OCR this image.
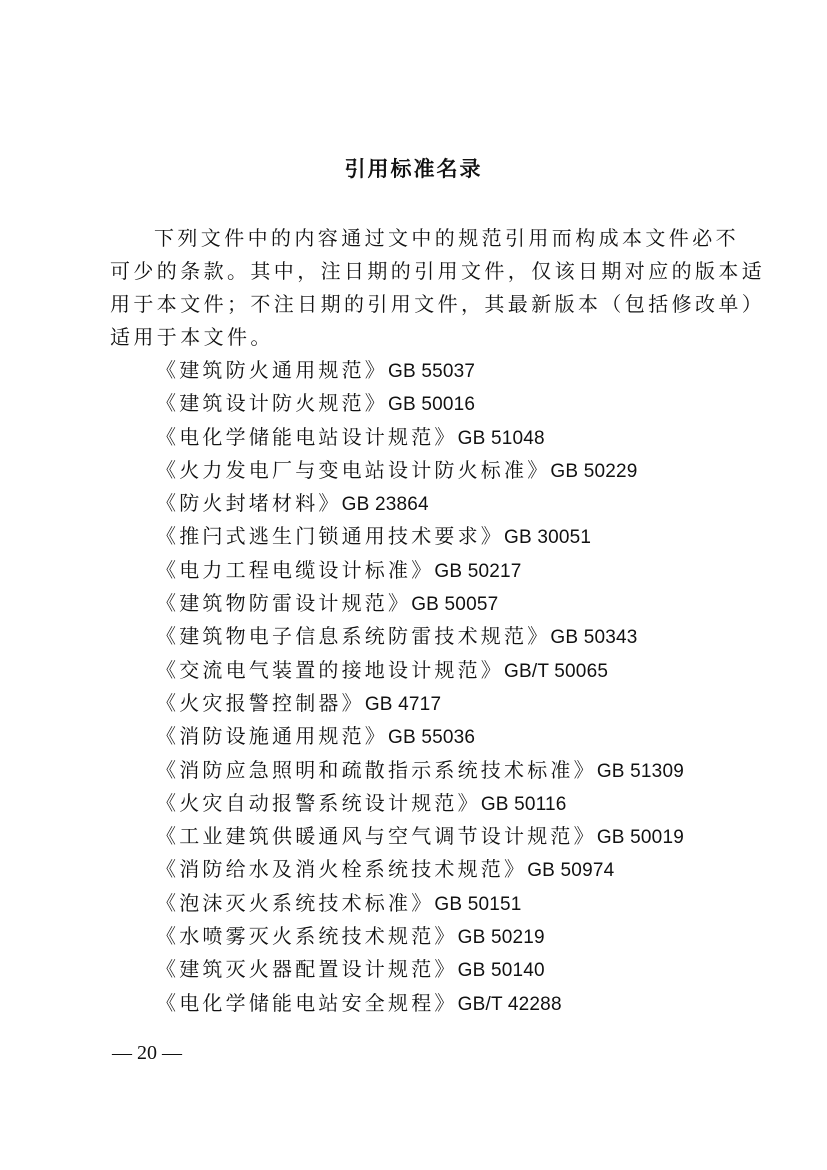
引用标准名录
下列文件中的内容通过文中的规范引用而构成本文件必不
可少的条款。其中，注日期的引用文件，仅该日期对应的版本适
用于本文件；不注日期的引用文件，其最新版本（包括修改单）
适用于本文件。
《建筑防火通用规范》GB 55037
《建筑设计防火规范》GB 50016
《电化学储能电站设计规范》GB 51048
《火力发电厂与变电站设计防火标准》GB 50229
《防火封堵材料》GB 23864
《推闩式逃生门锁通用技术要求》GB 30051
《电力工程电缆设计标准》GB 50217
《建筑物防雷设计规范》GB 50057
《建筑物电子信息系统防雷技术规范》GB 50343
《交流电气装置的接地设计规范》GB/T 50065
《火灾报警控制器》GB 4717
《消防设施通用规范》GB 55036
《消防应急照明和疏散指示系统技术标准》GB 51309
《火灾自动报警系统设计规范》GB 50116
《工业建筑供暖通风与空气调节设计规范》GB 50019
《消防给水及消火栓系统技术规范》GB 50974
《泡沫灭火系统技术标准》GB 50151
《水喷雾灭火系统技术规范》GB 50219
《建筑灭火器配置设计规范》GB 50140
《电化学储能电站安全规程》GB/T 42288
— 20 —
